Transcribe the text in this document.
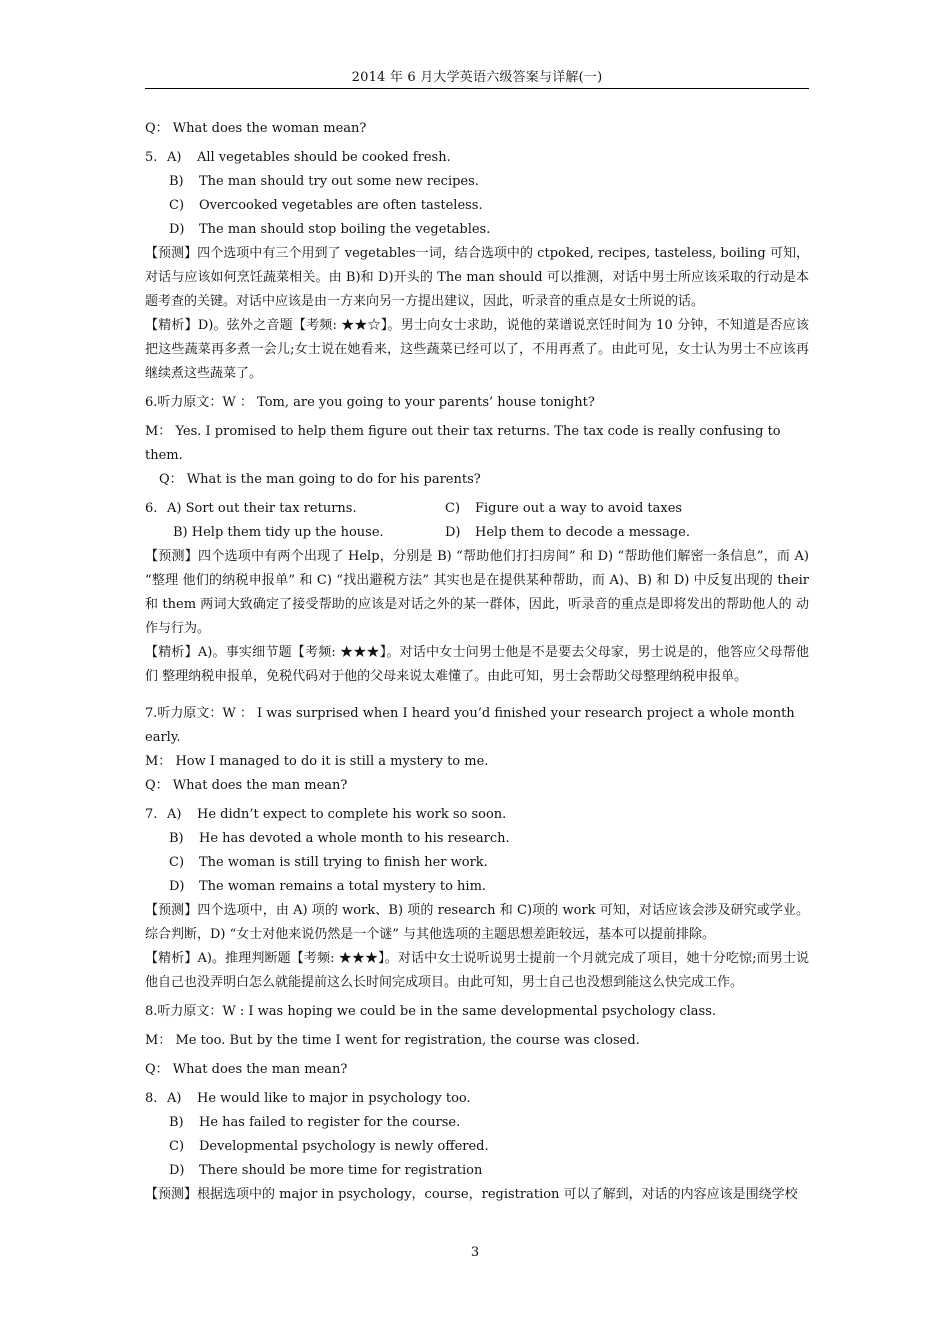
2014 年 6 月大学英语六级答案与详解(一)

Q： What does the woman mean?

5. A) All vegetables should be cooked fresh.

B) The man should try out some new recipes.

C) Overcooked vegetables are often tasteless.

D) The man should stop boiling the vegetables.

【预测】四个选项中有三个用到了 vegetables一词，结合选项中的 ctpoked, recipes, tasteless, boiling 可知，对话与应该如何烹饪蔬菜相关。由 B)和 D)开头的 The man should 可以推测，对话中男士所应该采取的行动是本题考查的关键。对话中应该是由一方来向另一方提出建议，因此，听录音的重点是女士所说的话。

【精析】D)。弦外之音题【考频: ★★☆】。男士向女士求助，说他的菜谱说烹饪时间为 10 分钟，不知道是否应该把这些蔬菜再多煮一会儿;女士说在她看来，这些蔬菜已经可以了，不用再煮了。由此可见，女士认为男士不应该再继续煮这些蔬菜了。

6.听力原文：W ： Tom, are you going to your parents’ house tonight?

M： Yes. I promised to help them figure out their tax returns. The tax code is really confusing to them.

Q： What is the man going to do for his parents?

6. A) Sort out their tax returns.	C) Figure out a way to avoid taxes
B) Help them tidy up the house.	D) Help them to decode a message.

【预测】四个选项中有两个出现了 Help，分别是 B) “帮助他们打扫房间” 和 D) “帮助他们解密一条信息”，而 A) “整理 他们的纳税申报单” 和 C) “找出避税方法” 其实也是在提供某种帮助，而 A)、B) 和 D) 中反复出现的 their 和 them 两词大致确定了接受帮助的应该是对话之外的某一群体，因此，听录音的重点是即将发出的帮助他人的 动作与行为。

【精析】A)。事实细节题【考频: ★★★】。对话中女士问男士他是不是要去父母家，男士说是的，他答应父母帮他们 整理纳税申报单，免税代码对于他的父母来说太难懂了。由此可知，男士会帮助父母整理纳税申报单。

7.听力原文：W ： I was surprised when I heard you’d finished your research project a whole month early.

M： How I managed to do it is still a mystery to me.

Q： What does the man mean?

7. A) He didn’t expect to complete his work so soon.

B) He has devoted a whole month to his research.

C) The woman is still trying to finish her work.

D) The woman remains a total mystery to him.

【预测】四个选项中，由 A) 项的 work、B) 项的 research 和 C)项的 work 可知，对话应该会涉及研究或学业。综合判断，D) “女士对他来说仍然是一个谜” 与其他选项的主题思想差距较远，基本可以提前排除。

【精析】A)。推理判断题【考频: ★★★】。对话中女士说听说男士提前一个月就完成了项目，她十分吃惊;而男士说他自己也没弄明白怎么就能提前这么长时间完成项目。由此可知，男士自己也没想到能这么快完成工作。

8.听力原文：W : I was hoping we could be in the same developmental psychology class.

M： Me too. But by the time I went for registration, the course was closed.

Q： What does the man mean?

8. A) He would like to major in psychology too.

B) He has failed to register for the course.

C) Developmental psychology is newly offered.

D) There should be more time for registration

【预测】根据选项中的 major in psychology，course，registration 可以了解到，对话的内容应该是围绕学校

3
